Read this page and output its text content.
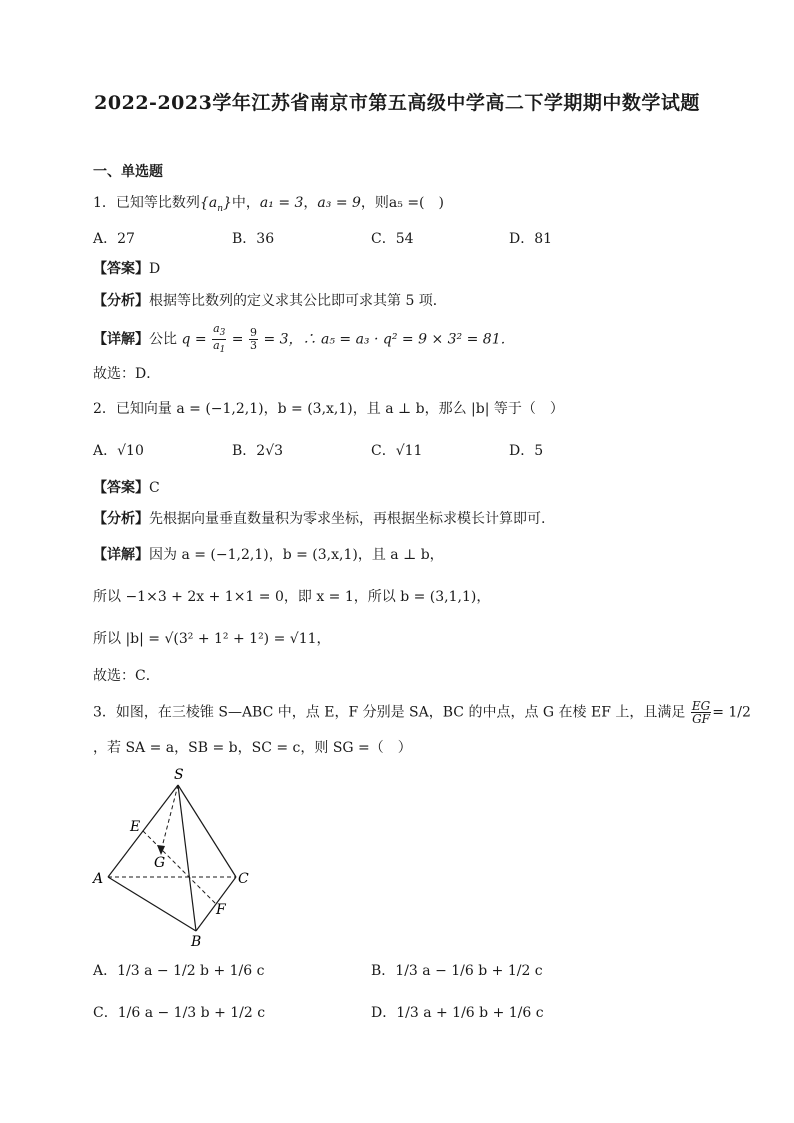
2022-2023学年江苏省南京市第五高级中学高二下学期期中数学试题
一、单选题
1．已知等比数列$\{a_n\}$中，a₁ = 3，a₃ = 9，则a₅ =(　)
A．27	B．36	C．54	D．81
【答案】D
【分析】根据等比数列的定义求其公比即可求其第 5 项．
【详解】公比 $q = \frac{a_3}{a_1} = \frac{9}{3} = 3$，∴ a₅ = a₃ · q² = 9 × 3² = 81．
故选：D．
2．已知向量 a = (−1,2,1)，b = (3,x,1)，且 a ⊥ b，那么 |b| 等于（　）
A．√10	B．2√3	C．√11	D．5
【答案】C
【分析】先根据向量垂直数量积为零求坐标，再根据坐标求模长计算即可.
【详解】因为 a = (−1,2,1)，b = (3,x,1)，且 a ⊥ b，
所以 −1×3 + 2x + 1×1 = 0，即 x = 1，所以 b = (3,1,1)，
所以 |b| = √(3² + 1² + 1²) = √11，
故选：C．
3．如图，在三棱锥 S—ABC 中，点 E，F 分别是 SA，BC 的中点，点 G 在棱 EF 上，且满足 $\frac{EG}{GF} = 1/2$
，若 SA = a，SB = b，SC = c，则 SG =（　）
S
E
G
A	C
F
B
A．1/3 a − 1/2 b + 1/6 c	B．1/3 a − 1/6 b + 1/2 c
C．1/6 a − 1/3 b + 1/2 c	D．1/3 a + 1/6 b + 1/6 c
